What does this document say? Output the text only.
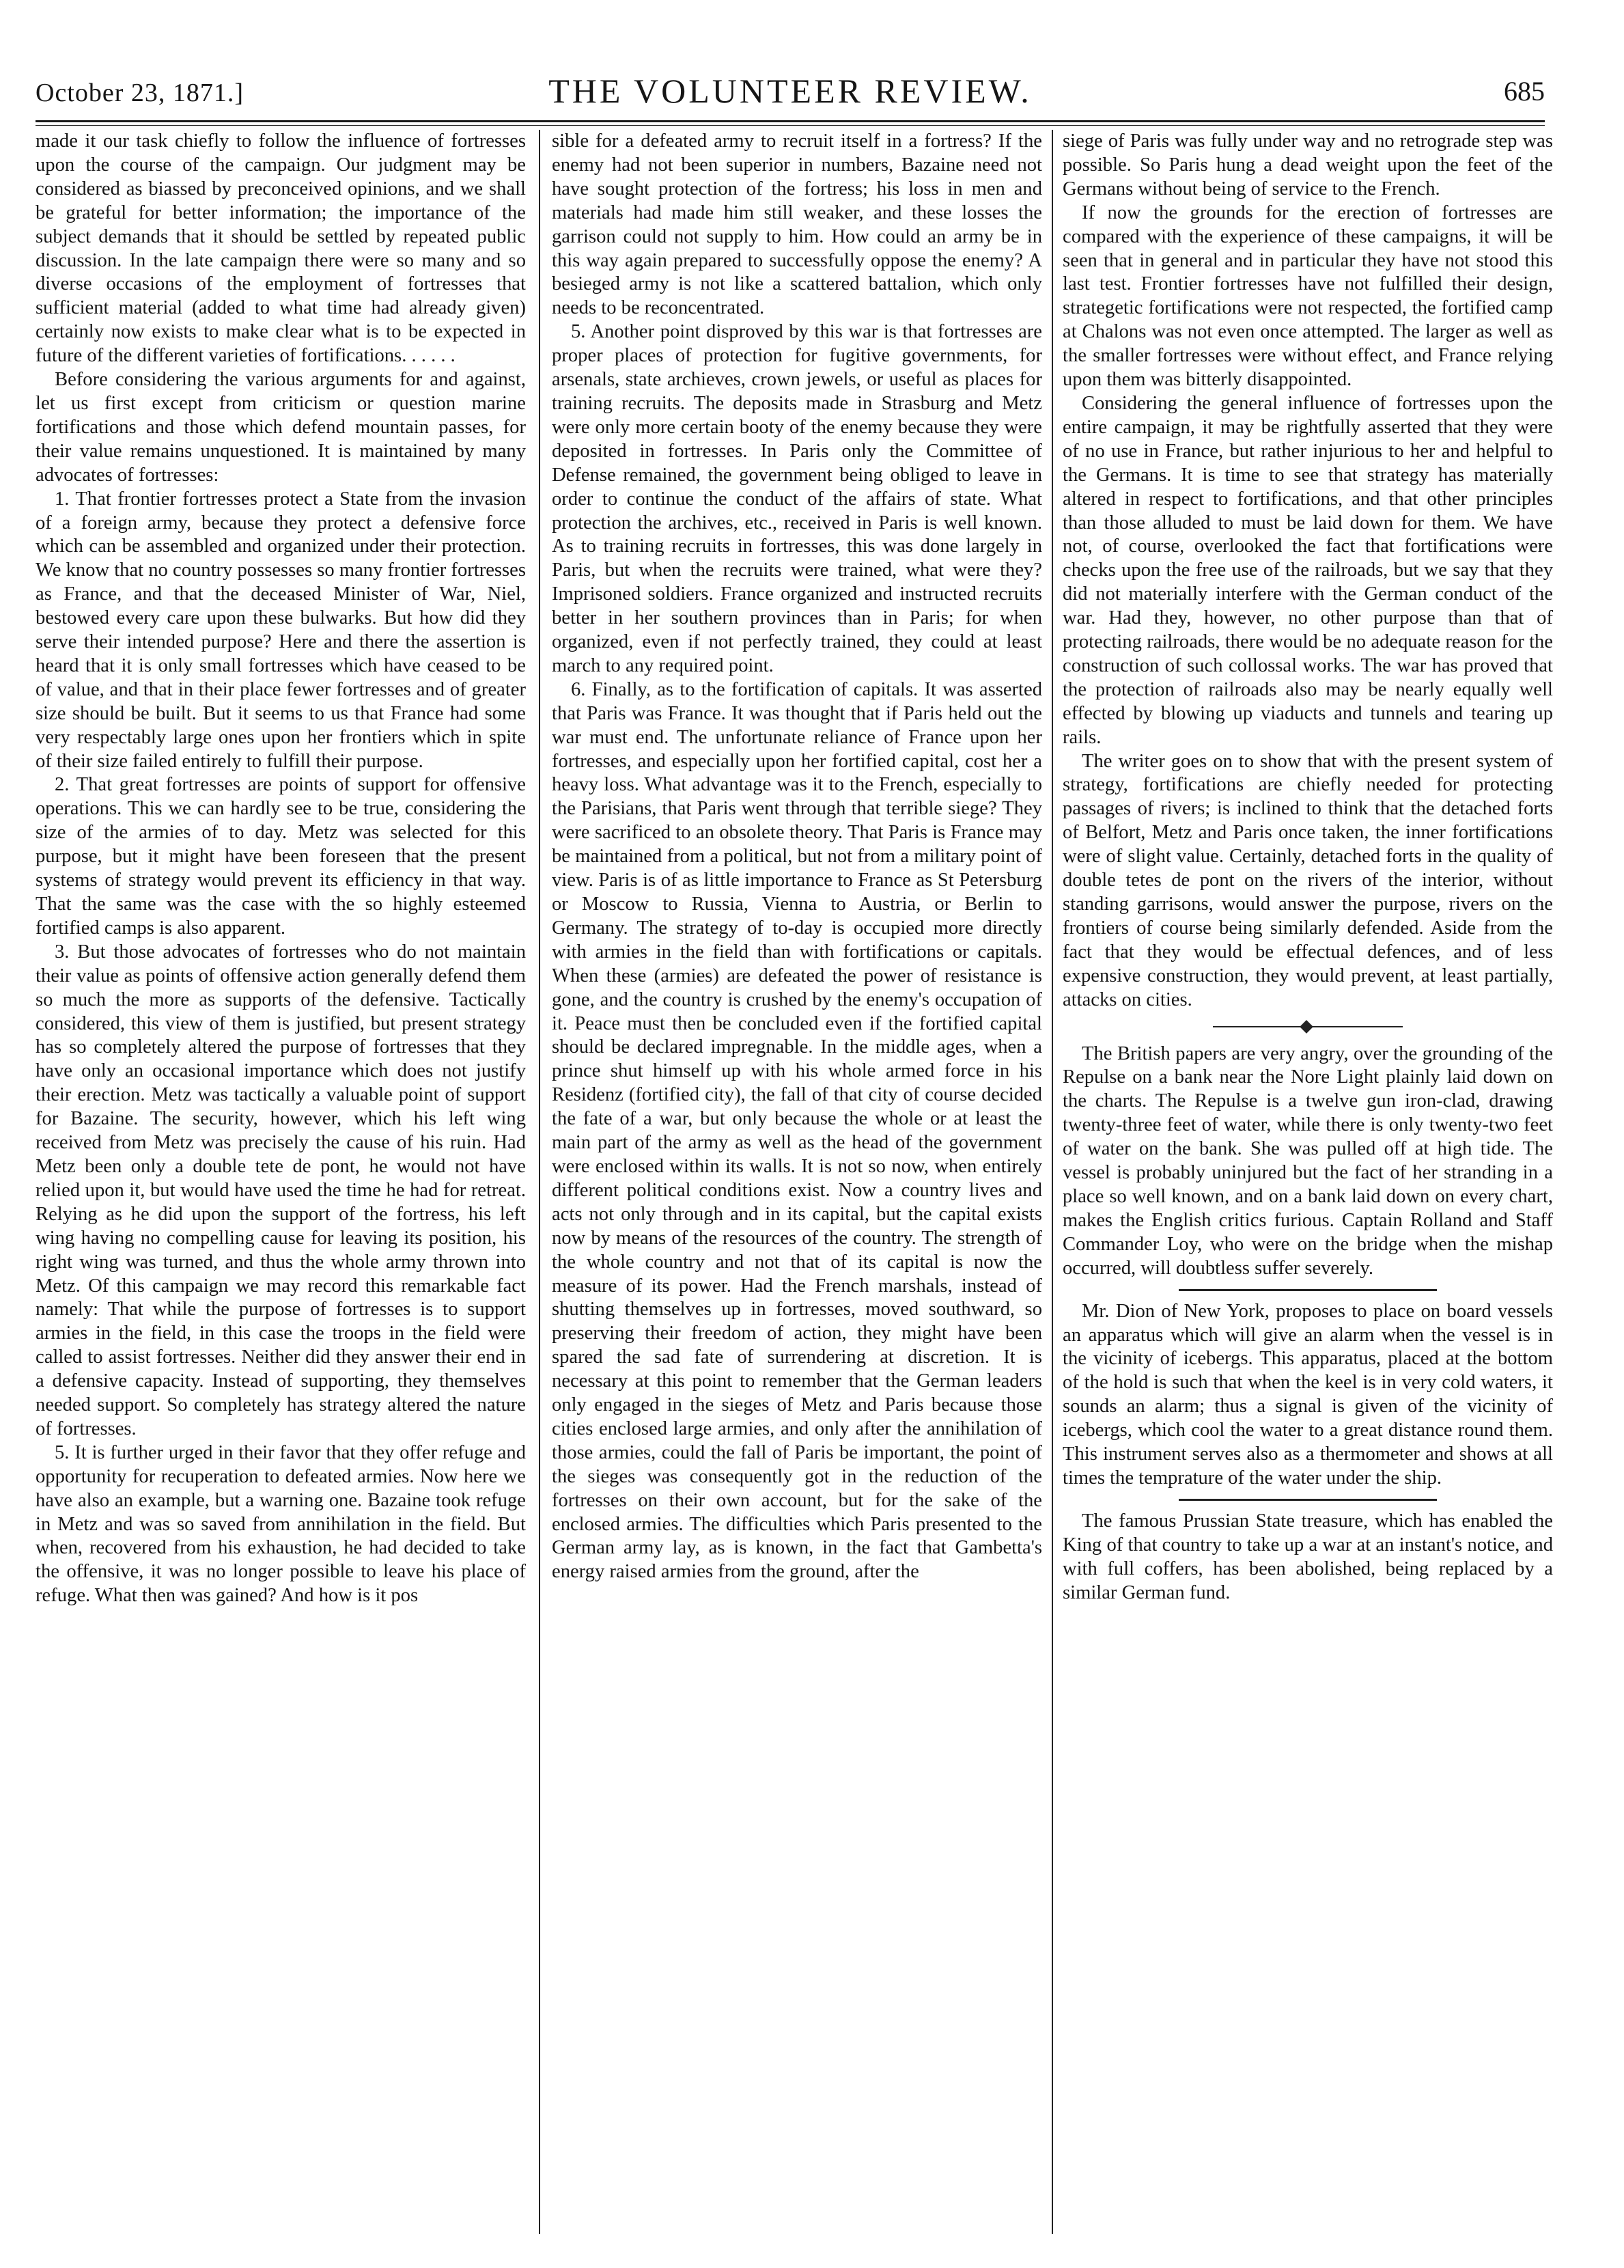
October 23, 1871.]	THE VOLUNTEER REVIEW.	685

made it our task chiefly to follow the influence of fortresses upon the course of the campaign. Our judgment may be considered as biassed by preconceived opinions, and we shall be grateful for better information; the importance of the subject demands that it should be settled by repeated public discussion. In the late campaign there were so many and so diverse occasions of the employment of fortresses that sufficient material (added to what time had already given) certainly now exists to make clear what is to be expected in future of the different varieties of fortifications. . . . . .

Before considering the various arguments for and against, let us first except from criticism or question marine fortifications and those which defend mountain passes, for their value remains unquestioned. It is maintained by many advocates of fortresses:

1. That frontier fortresses protect a State from the invasion of a foreign army, because they protect a defensive force which can be assembled and organized under their protection. We know that no country possesses so many frontier fortresses as France, and that the deceased Minister of War, Niel, bestowed every care upon these bulwarks. But how did they serve their intended purpose? Here and there the assertion is heard that it is only small fortresses which have ceased to be of value, and that in their place fewer fortresses and of greater size should be built. But it seems to us that France had some very respectably large ones upon her frontiers which in spite of their size failed entirely to fulfill their purpose.

2. That great fortresses are points of support for offensive operations. This we can hardly see to be true, considering the size of the armies of to day. Metz was selected for this purpose, but it might have been foreseen that the present systems of strategy would prevent its efficiency in that way. That the same was the case with the so highly esteemed fortified camps is also apparent.

3. But those advocates of fortresses who do not maintain their value as points of offensive action generally defend them so much the more as supports of the defensive. Tactically considered, this view of them is justified, but present strategy has so completely altered the purpose of fortresses that they have only an occasional importance which does not justify their erection. Metz was tactically a valuable point of support for Bazaine. The security, however, which his left wing received from Metz was precisely the cause of his ruin. Had Metz been only a double tete de pont, he would not have relied upon it, but would have used the time he had for retreat. Relying as he did upon the support of the fortress, his left wing having no compelling cause for leaving its position, his right wing was turned, and thus the whole army thrown into Metz. Of this campaign we may record this remarkable fact namely: That while the purpose of fortresses is to support armies in the field, in this case the troops in the field were called to assist fortresses. Neither did they answer their end in a defensive capacity. Instead of supporting, they themselves needed support. So completely has strategy altered the nature of fortresses.

5. It is further urged in their favor that they offer refuge and opportunity for recuperation to defeated armies. Now here we have also an example, but a warning one. Bazaine took refuge in Metz and was so saved from annihilation in the field. But when, recovered from his exhaustion, he had decided to take the offensive, it was no longer possible to leave his place of refuge. What then was gained? And how is it pos

sible for a defeated army to recruit itself in a fortress? If the enemy had not been superior in numbers, Bazaine need not have sought protection of the fortress; his loss in men and materials had made him still weaker, and these losses the garrison could not supply to him. How could an army be in this way again prepared to successfully oppose the enemy? A besieged army is not like a scattered battalion, which only needs to be reconcentrated.

5. Another point disproved by this war is that fortresses are proper places of protection for fugitive governments, for arsenals, state archieves, crown jewels, or useful as places for training recruits. The deposits made in Strasburg and Metz were only more certain booty of the enemy because they were deposited in fortresses. In Paris only the Committee of Defense remained, the government being obliged to leave in order to continue the conduct of the affairs of state. What protection the archives, etc., received in Paris is well known. As to training recruits in fortresses, this was done largely in Paris, but when the recruits were trained, what were they? Imprisoned soldiers. France organized and instructed recruits better in her southern provinces than in Paris; for when organized, even if not perfectly trained, they could at least march to any required point.

6. Finally, as to the fortification of capitals. It was asserted that Paris was France. It was thought that if Paris held out the war must end. The unfortunate reliance of France upon her fortresses, and especially upon her fortified capital, cost her a heavy loss. What advantage was it to the French, especially to the Parisians, that Paris went through that terrible siege? They were sacrificed to an obsolete theory. That Paris is France may be maintained from a political, but not from a military point of view. Paris is of as little importance to France as St Petersburg or Moscow to Russia, Vienna to Austria, or Berlin to Germany. The strategy of to-day is occupied more directly with armies in the field than with fortifications or capitals. When these (armies) are defeated the power of resistance is gone, and the country is crushed by the enemy's occupation of it. Peace must then be concluded even if the fortified capital should be declared impregnable. In the middle ages, when a prince shut himself up with his whole armed force in his Residenz (fortified city), the fall of that city of course decided the fate of a war, but only because the whole or at least the main part of the army as well as the head of the government were enclosed within its walls. It is not so now, when entirely different political conditions exist. Now a country lives and acts not only through and in its capital, but the capital exists now by means of the resources of the country. The strength of the whole country and not that of its capital is now the measure of its power. Had the French marshals, instead of shutting themselves up in fortresses, moved southward, so preserving their freedom of action, they might have been spared the sad fate of surrendering at discretion. It is necessary at this point to remember that the German leaders only engaged in the sieges of Metz and Paris because those cities enclosed large armies, and only after the annihilation of those armies, could the fall of Paris be important, the point of the sieges was consequently got in the reduction of the fortresses on their own account, but for the sake of the enclosed armies. The difficulties which Paris presented to the German army lay, as is known, in the fact that Gambetta's energy raised armies from the ground, after the

siege of Paris was fully under way and no retrograde step was possible. So Paris hung a dead weight upon the feet of the Germans without being of service to the French.

If now the grounds for the erection of fortresses are compared with the experience of these campaigns, it will be seen that in general and in particular they have not stood this last test. Frontier fortresses have not fulfilled their design, strategetic fortifications were not respected, the fortified camp at Chalons was not even once attempted. The larger as well as the smaller fortresses were without effect, and France relying upon them was bitterly disappointed.

Considering the general influence of fortresses upon the entire campaign, it may be rightfully asserted that they were of no use in France, but rather injurious to her and helpful to the Germans. It is time to see that strategy has materially altered in respect to fortifications, and that other principles than those alluded to must be laid down for them. We have not, of course, overlooked the fact that fortifications were checks upon the free use of the railroads, but we say that they did not materially interfere with the German conduct of the war. Had they, however, no other purpose than that of protecting railroads, there would be no adequate reason for the construction of such collossal works. The war has proved that the protection of railroads also may be nearly equally well effected by blowing up viaducts and tunnels and tearing up rails.

The writer goes on to show that with the present system of strategy, fortifications are chiefly needed for protecting passages of rivers; is inclined to think that the detached forts of Belfort, Metz and Paris once taken, the inner fortifications were of slight value. Certainly, detached forts in the quality of double tetes de pont on the rivers of the interior, without standing garrisons, would answer the purpose, rivers on the frontiers of course being similarly defended. Aside from the fact that they would be effectual defences, and of less expensive construction, they would prevent, at least partially, attacks on cities.

The British papers are very angry, over the grounding of the Repulse on a bank near the Nore Light plainly laid down on the charts. The Repulse is a twelve gun iron-clad, drawing twenty-three feet of water, while there is only twenty-two feet of water on the bank. She was pulled off at high tide. The vessel is probably uninjured but the fact of her stranding in a place so well known, and on a bank laid down on every chart, makes the English critics furious. Captain Rolland and Staff Commander Loy, who were on the bridge when the mishap occurred, will doubtless suffer severely.

Mr. Dion of New York, proposes to place on board vessels an apparatus which will give an alarm when the vessel is in the vicinity of icebergs. This apparatus, placed at the bottom of the hold is such that when the keel is in very cold waters, it sounds an alarm; thus a signal is given of the vicinity of icebergs, which cool the water to a great distance round them. This instrument serves also as a thermometer and shows at all times the temprature of the water under the ship.

The famous Prussian State treasure, which has enabled the King of that country to take up a war at an instant's notice, and with full coffers, has been abolished, being replaced by a similar German fund.
